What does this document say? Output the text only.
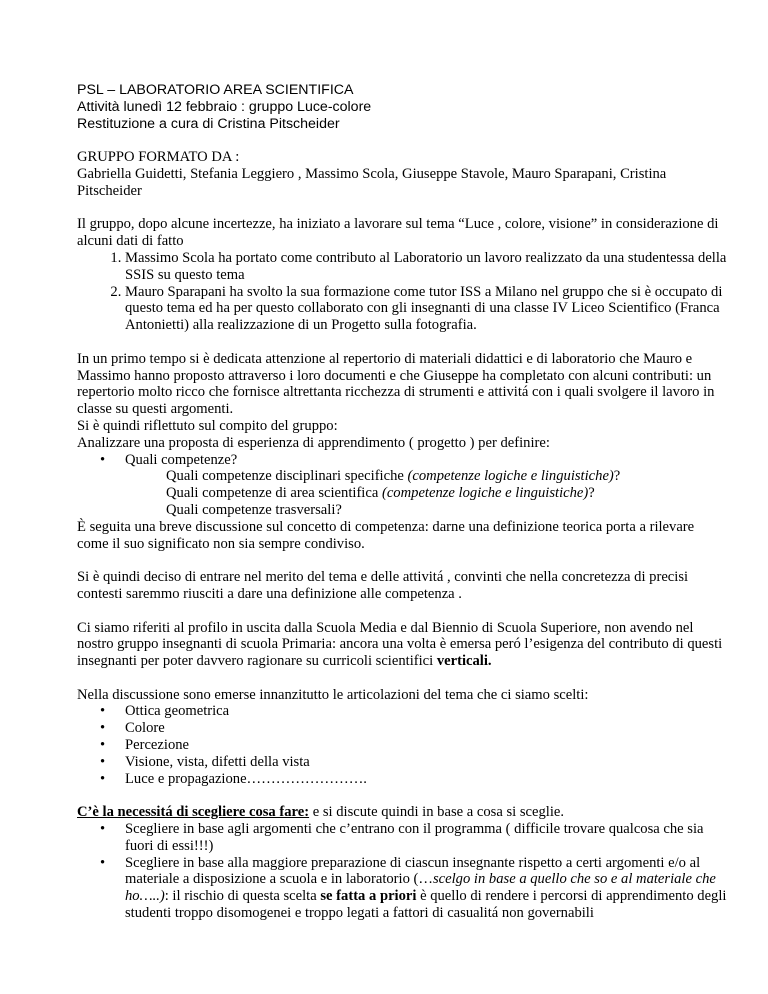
PSL – LABORATORIO AREA SCIENTIFICA

Attività lunedì 12 febbraio : gruppo Luce-colore

Restituzione a cura di Cristina Pitscheider

GRUPPO FORMATO DA :

Gabriella Guidetti, Stefania Leggiero , Massimo Scola, Giuseppe Stavole, Mauro Sparapani, Cristina Pitscheider

Il gruppo, dopo alcune incertezze, ha iniziato a lavorare sul tema “Luce , colore, visione” in considerazione di alcuni dati di fatto

1. Massimo Scola ha portato come contributo al Laboratorio un lavoro realizzato da una studentessa della SSIS su questo tema
2. Mauro Sparapani ha svolto la sua formazione come tutor ISS a Milano nel gruppo che si è occupato di questo tema ed ha per questo collaborato con gli insegnanti di una classe IV Liceo Scientifico (Franca Antonietti) alla realizzazione di un Progetto sulla fotografia.

In un primo tempo si è dedicata attenzione al repertorio di materiali didattici e di laboratorio che Mauro e Massimo hanno proposto attraverso i loro documenti e che Giuseppe ha completato con alcuni contributi: un repertorio molto ricco che fornisce altrettanta ricchezza di strumenti e attivitá con i quali svolgere il lavoro in classe su questi argomenti.

Si è quindi riflettuto sul compito del gruppo:

Analizzare una proposta di esperienza di apprendimento ( progetto ) per definire:

• Quali competenze?

Quali competenze disciplinari specifiche (competenze logiche e linguistiche)?

Quali competenze di area scientifica (competenze logiche e linguistiche)?

Quali competenze trasversali?

È seguita una breve discussione sul concetto di competenza: darne una definizione teorica porta a rilevare come il suo significato non sia sempre condiviso.

Si è quindi deciso di entrare nel merito del tema e delle attivitá , convinti che nella concretezza di precisi contesti saremmo riusciti a dare una definizione alle competenza .

Ci siamo riferiti al profilo in uscita dalla Scuola Media e dal Biennio di Scuola Superiore, non avendo nel nostro gruppo insegnanti di scuola Primaria: ancora una volta è emersa peró l’esigenza del contributo di questi insegnanti per poter davvero ragionare su curricoli scientifici verticali.

Nella discussione sono emerse innanzitutto le articolazioni del tema che ci siamo scelti:

• Ottica geometrica
• Colore
• Percezione
• Visione, vista, difetti della vista
• Luce e propagazione…………………….

C’è la necessitá di scegliere cosa fare: e si discute quindi in base a cosa si sceglie.

• Scegliere in base agli argomenti che c’entrano con il programma ( difficile trovare qualcosa che sia fuori di essi!!!)
• Scegliere in base alla maggiore preparazione di ciascun insegnante rispetto a certi argomenti e/o al materiale a disposizione a scuola e in laboratorio (…scelgo in base a quello che so e al materiale che ho…..): il rischio di questa scelta se fatta a priori è quello di rendere i percorsi di apprendimento degli studenti troppo disomogenei e troppo legati a fattori di casualitá non governabili
